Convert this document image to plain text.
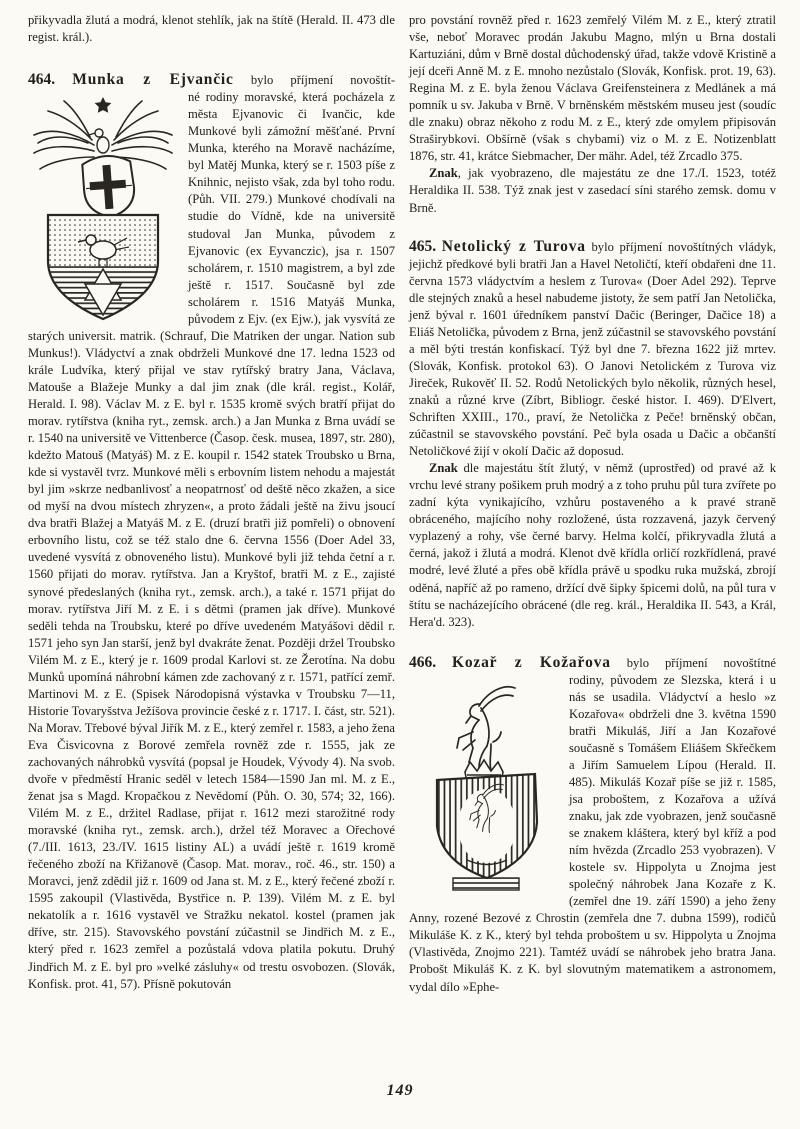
přikyvadla žlutá a modrá, klenot stehlík, jak na štítě (Herald. II. 473 dle regist. král.).

464. Munka z Ejvančic bylo příjmení novoštít-

né rodiny moravské, která pocházela z města Ejvanovic či Ivančic, kde Munkové byli zámožní měšťané. První Munka, kterého na Moravě nacházíme, byl Matěj Munka, který se r. 1503 píše z Knihnic, nejisto však, zda byl toho rodu. (Půh. VII. 279.) Munkové chodívali na studie do Vídně, kde na universitě studoval Jan Munka, původem z Ejvanovic (ex Eyvanczic), jsa r. 1507 scholárem, r. 1510 magistrem, a byl zde ještě r. 1517. Současně byl zde scholárem r. 1516 Matyáš Munka, původem z Ejv. (ex Ejw.), jak vysvítá ze starých universit. matrik. (Schrauf, Die Matriken der ungar. Nation sub Munkus!). Vládyctví a znak obdrželi Munkové dne 17. ledna 1523 od krále Ludvíka, který přijal ve stav rytířský bratry Jana, Václava, Matouše a Blažeje Munky a dal jim znak (dle král. regist., Kolář, Herald. I. 98). Václav M. z E. byl r. 1535 kromě svých bratří přijat do morav. rytířstva (kniha ryt., zemsk. arch.) a Jan Munka z Brna uvádí se r. 1540 na universitě ve Vittenberce (Časop. česk. musea, 1897, str. 280), kdežto Matouš (Matyáš) M. z E. koupil r. 1542 statek Troubsko u Brna, kde si vystavěl tvrz. Munkové měli s erbovním listem nehodu a majestát byl jim »skrze nedbanlivosť a neopatrnosť od deště něco zkažen, a sice od myší na dvou místech zhryzen«, a proto žádali ještě na živu jsoucí dva bratři Blažej a Matyáš M. z E. (druzí bratři již pomřeli) o obnovení erbovního listu, což se též stalo dne 6. června 1556 (Doer Adel 33, uvedené vysvítá z obnoveného listu). Munkové byli již tehda četní a r. 1560 přijati do morav. rytířstva. Jan a Kryštof, bratři M. z E., zajisté synové předeslaných (kniha ryt., zemsk. arch.), a také r. 1571 přijat do morav. rytířstva Jiří M. z E. i s dětmi (pramen jak dříve). Munkové seděli tehda na Troubsku, které po dříve uvedeném Matyášovi dědil r. 1571 jeho syn Jan starší, jenž byl dvakráte ženat. Později držel Troubsko Vilém M. z E., který je r. 1609 prodal Karlovi st. ze Žerotína. Na dobu Munků upomíná náhrobní kámen zde zachovaný z r. 1571, patřící zemř. Martinovi M. z E. (Spisek Národopisná výstavka v Troubsku 7—11, Historie Tovaryšstva Ježíšova provincie české z r. 1717. I. část, str. 521). Na Morav. Třebové býval Jiřík M. z E., který zemřel r. 1583, a jeho žena Eva Čisvicovna z Borové zemřela rovněž zde r. 1555, jak ze zachovaných náhrobků vysvítá (popsal je Houdek, Vývody 4). Na svob. dvoře v předměstí Hranic seděl v letech 1584—1590 Jan ml. M. z E., ženat jsa s Magd. Kropačkou z Nevědomí (Půh. O. 30, 574; 32, 166). Vilém M. z E., držitel Radlase, přijat r. 1612 mezi starožitné rody moravské (kniha ryt., zemsk. arch.), držel též Moravec a Ořechové (7./III. 1613, 23./IV. 1615 listiny AL) a uvádí ještě r. 1619 kromě řečeného zboží na Křižanově (Časop. Mat. morav., roč. 46., str. 150) a Moravci, jenž zdědil již r. 1609 od Jana st. M. z E., který řečené zboží r. 1595 zakoupil (Vlastivěda, Bystřice n. P. 139). Vilém M. z E. byl nekatolík a r. 1616 vystavěl ve Stražku nekatol. kostel (pramen jak dříve, str. 215). Stavovského povstání zúčastnil se Jindřich M. z E., který před r. 1623 zemřel a pozůstalá vdova platila pokutu. Druhý Jindřich M. z E. byl pro »velké zásluhy« od trestu osvobozen. (Slovák, Konfisk. prot. 41, 57). Přísně pokutován

pro povstání rovněž před r. 1623 zemřelý Vilém M. z E., který ztratil vše, neboť Moravec prodán Jakubu Magno, mlýn u Brna dostali Kartuziáni, dům v Brně dostal důchodenský úřad, takže vdově Kristině a její dceři Anně M. z E. mnoho nezůstalo (Slovák, Konfisk. prot. 19, 63). Regina M. z E. byla ženou Václava Greifensteinera z Medlánek a má pomník u sv. Jakuba v Brně. V brněnském městském museu jest (soudíc dle znaku) obraz někoho z rodu M. z E., který zde omylem připisován Straširybkovi. Obšírně (však s chybami) viz o M. z E. Notizenblatt 1876, str. 41, krátce Siebmacher, Der mähr. Adel, též Zrcadlo 375.

Znak, jak vyobrazeno, dle majestátu ze dne 17./I. 1523, totéž Heraldika II. 538. Týž znak jest v zasedací síni starého zemsk. domu v Brně.

465. Netolický z Turova bylo příjmení novoštítných vládyk, jejichž předkové byli bratři Jan a Havel Netoličtí, kteří obdařeni dne 11. června 1573 vládyctvím a heslem z Turova« (Doer Adel 292). Teprve dle stejných znaků a hesel nabudeme jistoty, že sem patří Jan Netolička, jenž býval r. 1601 úředníkem panství Dačic (Beringer, Dačice 18) a Eliáš Netolička, původem z Brna, jenž zúčastnil se stavovského povstání a měl býti trestán konfiskací. Týž byl dne 7. března 1622 již mrtev. (Slovák, Konfisk. protokol 63). O Janovi Netolickém z Turova viz Jireček, Rukověť II. 52. Rodů Netolických bylo několik, různých hesel, znaků a různé krve (Zíbrt, Bibliogr. české histor. I. 469). D'Elvert, Schriften XXIII., 170., praví, že Netolička z Peče! brněnský občan, zúčastnil se stavovského povstání. Peč byla osada u Dačic a občanští Netoličkové žijí v okolí Dačic až doposud.

Znak dle majestátu štít žlutý, v němž (uprostřed) od pravé až k vrchu levé strany pošikem pruh modrý a z toho pruhu půl tura zvířete po zadní kýta vynikajícího, vzhůru postaveného a k pravé straně obráceného, majícího nohy rozložené, ústa rozzavená, jazyk červený vyplazený a rohy, vše černé barvy. Helma kolčí, přikryvadla žlutá a černá, jakož i žlutá a modrá. Klenot dvě křídla orličí rozkřídlená, pravé modré, levé žluté a přes obě křídla právě u spodku ruka mužská, zbrojí oděná, napříč až po rameno, držící dvě šipky špicemi dolů, na půl tura v štítu se nacházejícího obrácené (dle reg. král., Heraldika II. 543, a Král, Hera'd. 323).

466. Kozař z Kožařova bylo příjmení novoštítné

rodiny, původem ze Slezska, která i u nás se usadila. Vládyctví a heslo »z Kozařova« obdrželi dne 3. května 1590 bratři Mikuláš, Jiří a Jan Kozařové současně s Tomášem Eliášem Skřečkem a Jiřím Samuelem Lípou (Herald. II. 485). Mikuláš Kozař píše se již r. 1585, jsa proboštem, z Kozařova a užívá znaku, jak zde vyobrazen, jenž současně se znakem kláštera, který byl kříž a pod ním hvězda (Zrcadlo 253 vyobrazen). V kostele sv. Hippolyta u Znojma jest společný náhrobek Jana Kozaře z K. (zemřel dne 19. září 1590) a jeho ženy Anny, rozené Bezové z Chrostin (zemřela dne 7. dubna 1599), rodičů Mikuláše K. z K., který byl tehda proboštem u sv. Hippolyta u Znojma (Vlastivěda, Znojmo 221). Tamtéž uvádí se náhrobek jeho bratra Jana. Probošt Mikuláš K. z K. byl slovutným matematikem a astronomem, vydal dílo »Ephe-

149
